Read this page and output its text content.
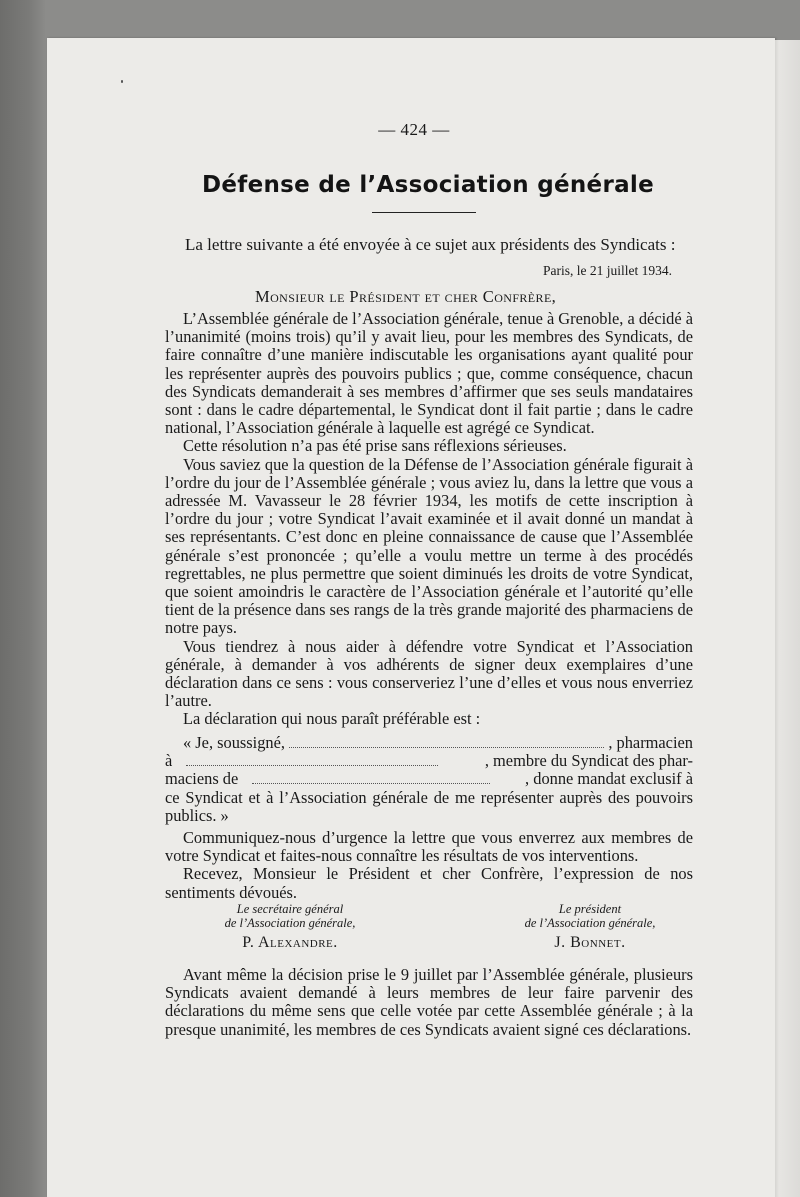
— 424 —
Défense de l’Association générale
La lettre suivante a été envoyée à ce sujet aux présidents des Syndicats :
Paris, le 21 juillet 1934.
Monsieur le Président et cher Confrère,

L’Assemblée générale de l’Association générale, tenue à Grenoble, a décidé à l’unanimité (moins trois) qu’il y avait lieu, pour les membres des Syndicats, de faire connaître d’une manière indiscutable les organisations ayant qualité pour les représenter auprès des pouvoirs publics ; que, comme conséquence, chacun des Syndicats demanderait à ses membres d’affirmer que ses seuls mandataires sont : dans le cadre départemental, le Syndicat dont il fait partie ; dans le cadre national, l’Association générale à laquelle est agrégé ce Syndicat.

Cette résolution n’a pas été prise sans réflexions sérieuses.

Vous saviez que la question de la Défense de l’Association générale figurait à l’ordre du jour de l’Assemblée générale ; vous aviez lu, dans la lettre que vous a adressée M. Vavasseur le 28 février 1934, les motifs de cette inscription à l’ordre du jour ; votre Syndicat l’avait examinée et il avait donné un mandat à ses représentants. C’est donc en pleine connaissance de cause que l’Assemblée générale s’est prononcée ; qu’elle a voulu mettre un terme à des procédés regrettables, ne plus permettre que soient diminués les droits de votre Syndicat, que soient amoindris le caractère de l’Association générale et l’autorité qu’elle tient de la présence dans ses rangs de la très grande majorité des pharmaciens de notre pays.

Vous tiendrez à nous aider à défendre votre Syndicat et l’Association générale, à demander à vos adhérents de signer deux exemplaires d’une déclaration dans ce sens : vous conserveriez l’une d’elles et vous nous enverriez l’autre.

La déclaration qui nous paraît préférable est :

« Je, soussigné,	, pharmacien
à	, membre du Syndicat des phar-
maciens de	, donne mandat exclusif à
ce Syndicat et à l’Association générale de me représenter auprès des pouvoirs publics. »

Communiquez-nous d’urgence la lettre que vous enverrez aux membres de votre Syndicat et faites-nous connaître les résultats de vos interventions.

Recevez, Monsieur le Président et cher Confrère, l’expression de nos sentiments dévoués.

Le secrétaire général
de l’Association générale,
P. Alexandre.
Le président
de l’Association générale,
J. Bonnet.

Avant même la décision prise le 9 juillet par l’Assemblée générale, plusieurs Syndicats avaient demandé à leurs membres de leur faire parvenir des déclarations du même sens que celle votée par cette Assemblée générale ; à la presque unanimité, les membres de ces Syndicats avaient signé ces déclarations.
